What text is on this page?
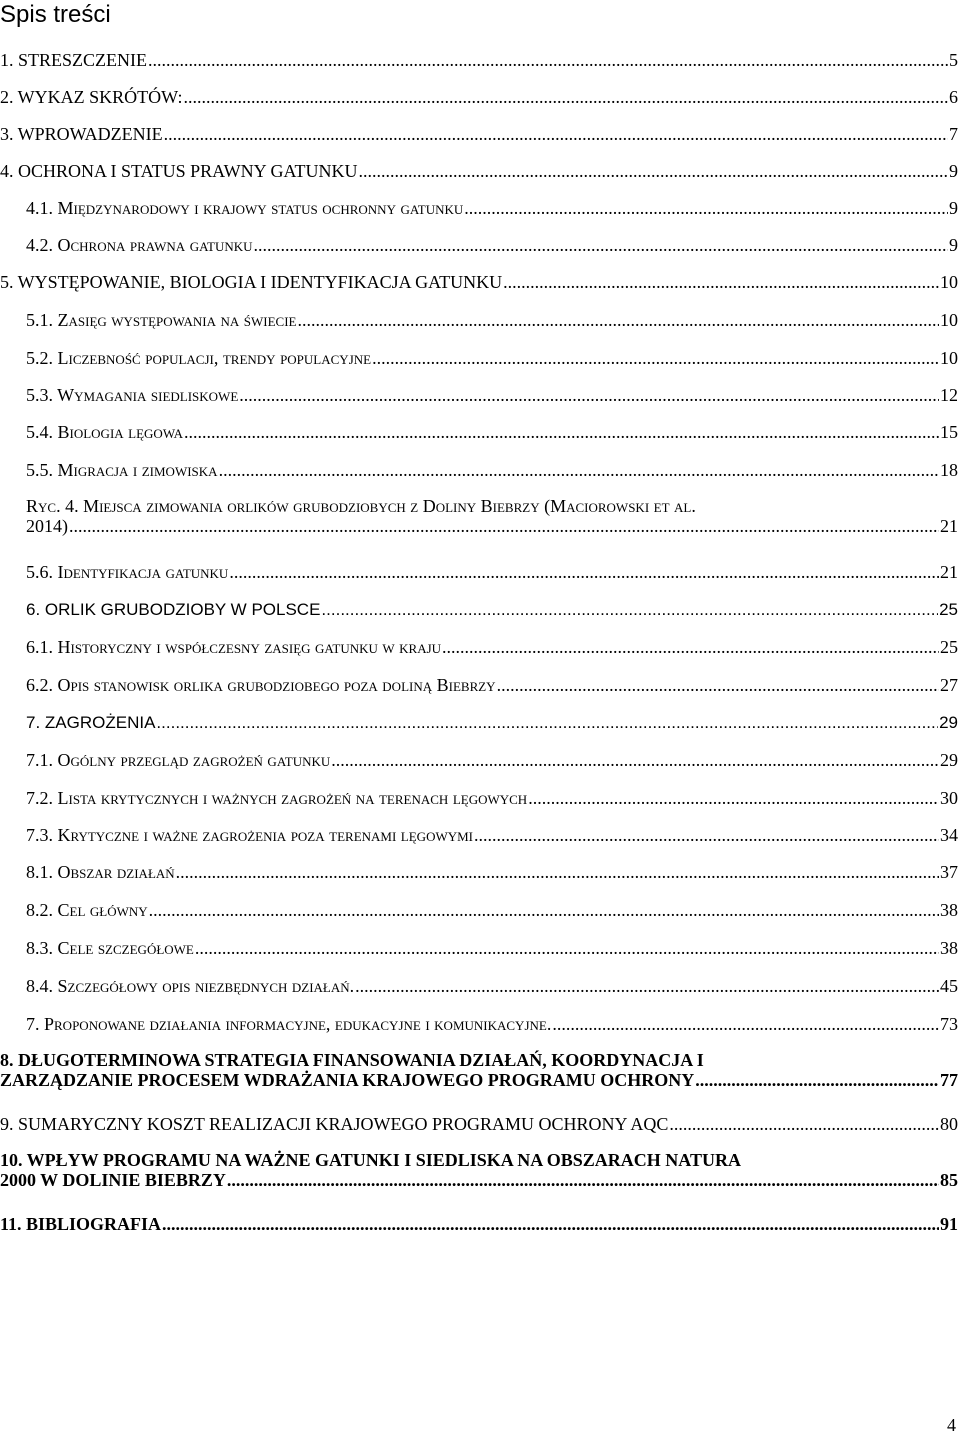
Spis treści
1. STRESZCZENIE .....	5
2. WYKAZ SKRÓTÓW: .....	6
3. WPROWADZENIE .....	7
4. OCHRONA I STATUS PRAWNY GATUNKU .....	9
4.1. Międzynarodowy i krajowy status ochronny gatunku .....	9
4.2. Ochrona prawna gatunku .....	9
5. WYSTĘPOWANIE, BIOLOGIA I IDENTYFIKACJA GATUNKU .....	10
5.1. Zasięg występowania na świecie .....	10
5.2. Liczebność populacji, trendy populacyjne .....	10
5.3. Wymagania siedliskowe .....	12
5.4. Biologia lęgowa .....	15
5.5. Migracja i zimowiska .....	18
Ryc. 4. Miejsca zimowania orlików grubodziobych z Doliny Biebrzy (Maciorowski et al.
2014) .....	21
5.6. Identyfikacja gatunku .....	21
6. ORLIK GRUBODZIOBY W POLSCE .....	25
6.1. Historyczny i współczesny zasięg gatunku w kraju .....	25
6.2. Opis stanowisk orlika grubodziobego poza doliną Biebrzy .....	27
7. ZAGROŻENIA .....	29
7.1. Ogólny przegląd zagrożeń gatunku .....	29
7.2. Lista krytycznych i ważnych zagrożeń na terenach lęgowych .....	30
7.3. Krytyczne i ważne zagrożenia poza terenami lęgowymi .....	34
8.1. Obszar działań .....	37
8.2. Cel główny .....	38
8.3. Cele szczegółowe .....	38
8.4. Szczegółowy opis niezbędnych działań. .....	45
7. Proponowane działania informacyjne, edukacyjne i komunikacyjne. .....	73
8. DŁUGOTERMINOWA STRATEGIA FINANSOWANIA DZIAŁAŃ, KOORDYNACJA I
ZARZĄDZANIE PROCESEM WDRAŻANIA KRAJOWEGO PROGRAMU OCHRONY .....	77
9. SUMARYCZNY KOSZT REALIZACJI KRAJOWEGO PROGRAMU OCHRONY AQC .....	80
10. WPŁYW PROGRAMU NA WAŻNE GATUNKI I SIEDLISKA NA OBSZARACH NATURA
2000 W DOLINIE BIEBRZY .....	85
11. BIBLIOGRAFIA .....	91
4
